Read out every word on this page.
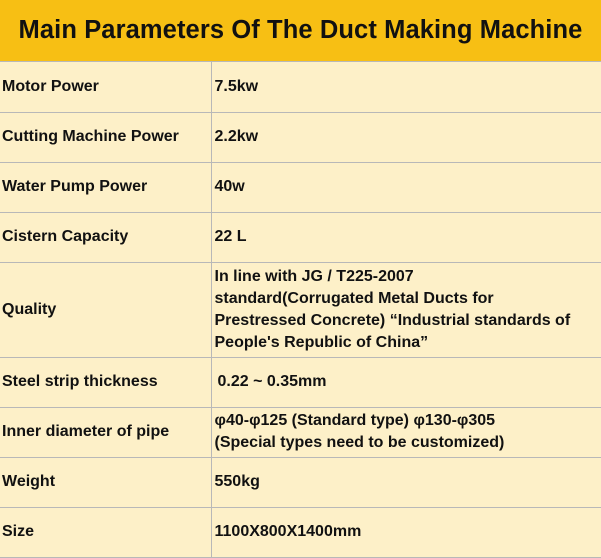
Main Parameters Of The Duct Making Machine
Motor Power	7.5kw

Cutting Machine Power	2.2kw

Water Pump Power	40w

Cistern Capacity	22 L

Quality	In line with JG / T225-2007
standard(Corrugated Metal Ducts for
Prestressed Concrete) “Industrial standards of
People's Republic of China”

Steel strip thickness	0.22 ~ 0.35mm

Inner diameter of pipe	φ40-φ125 (Standard type) φ130-φ305
(Special types need to be customized)

Weight	550kg

Size	1100X800X1400mm
